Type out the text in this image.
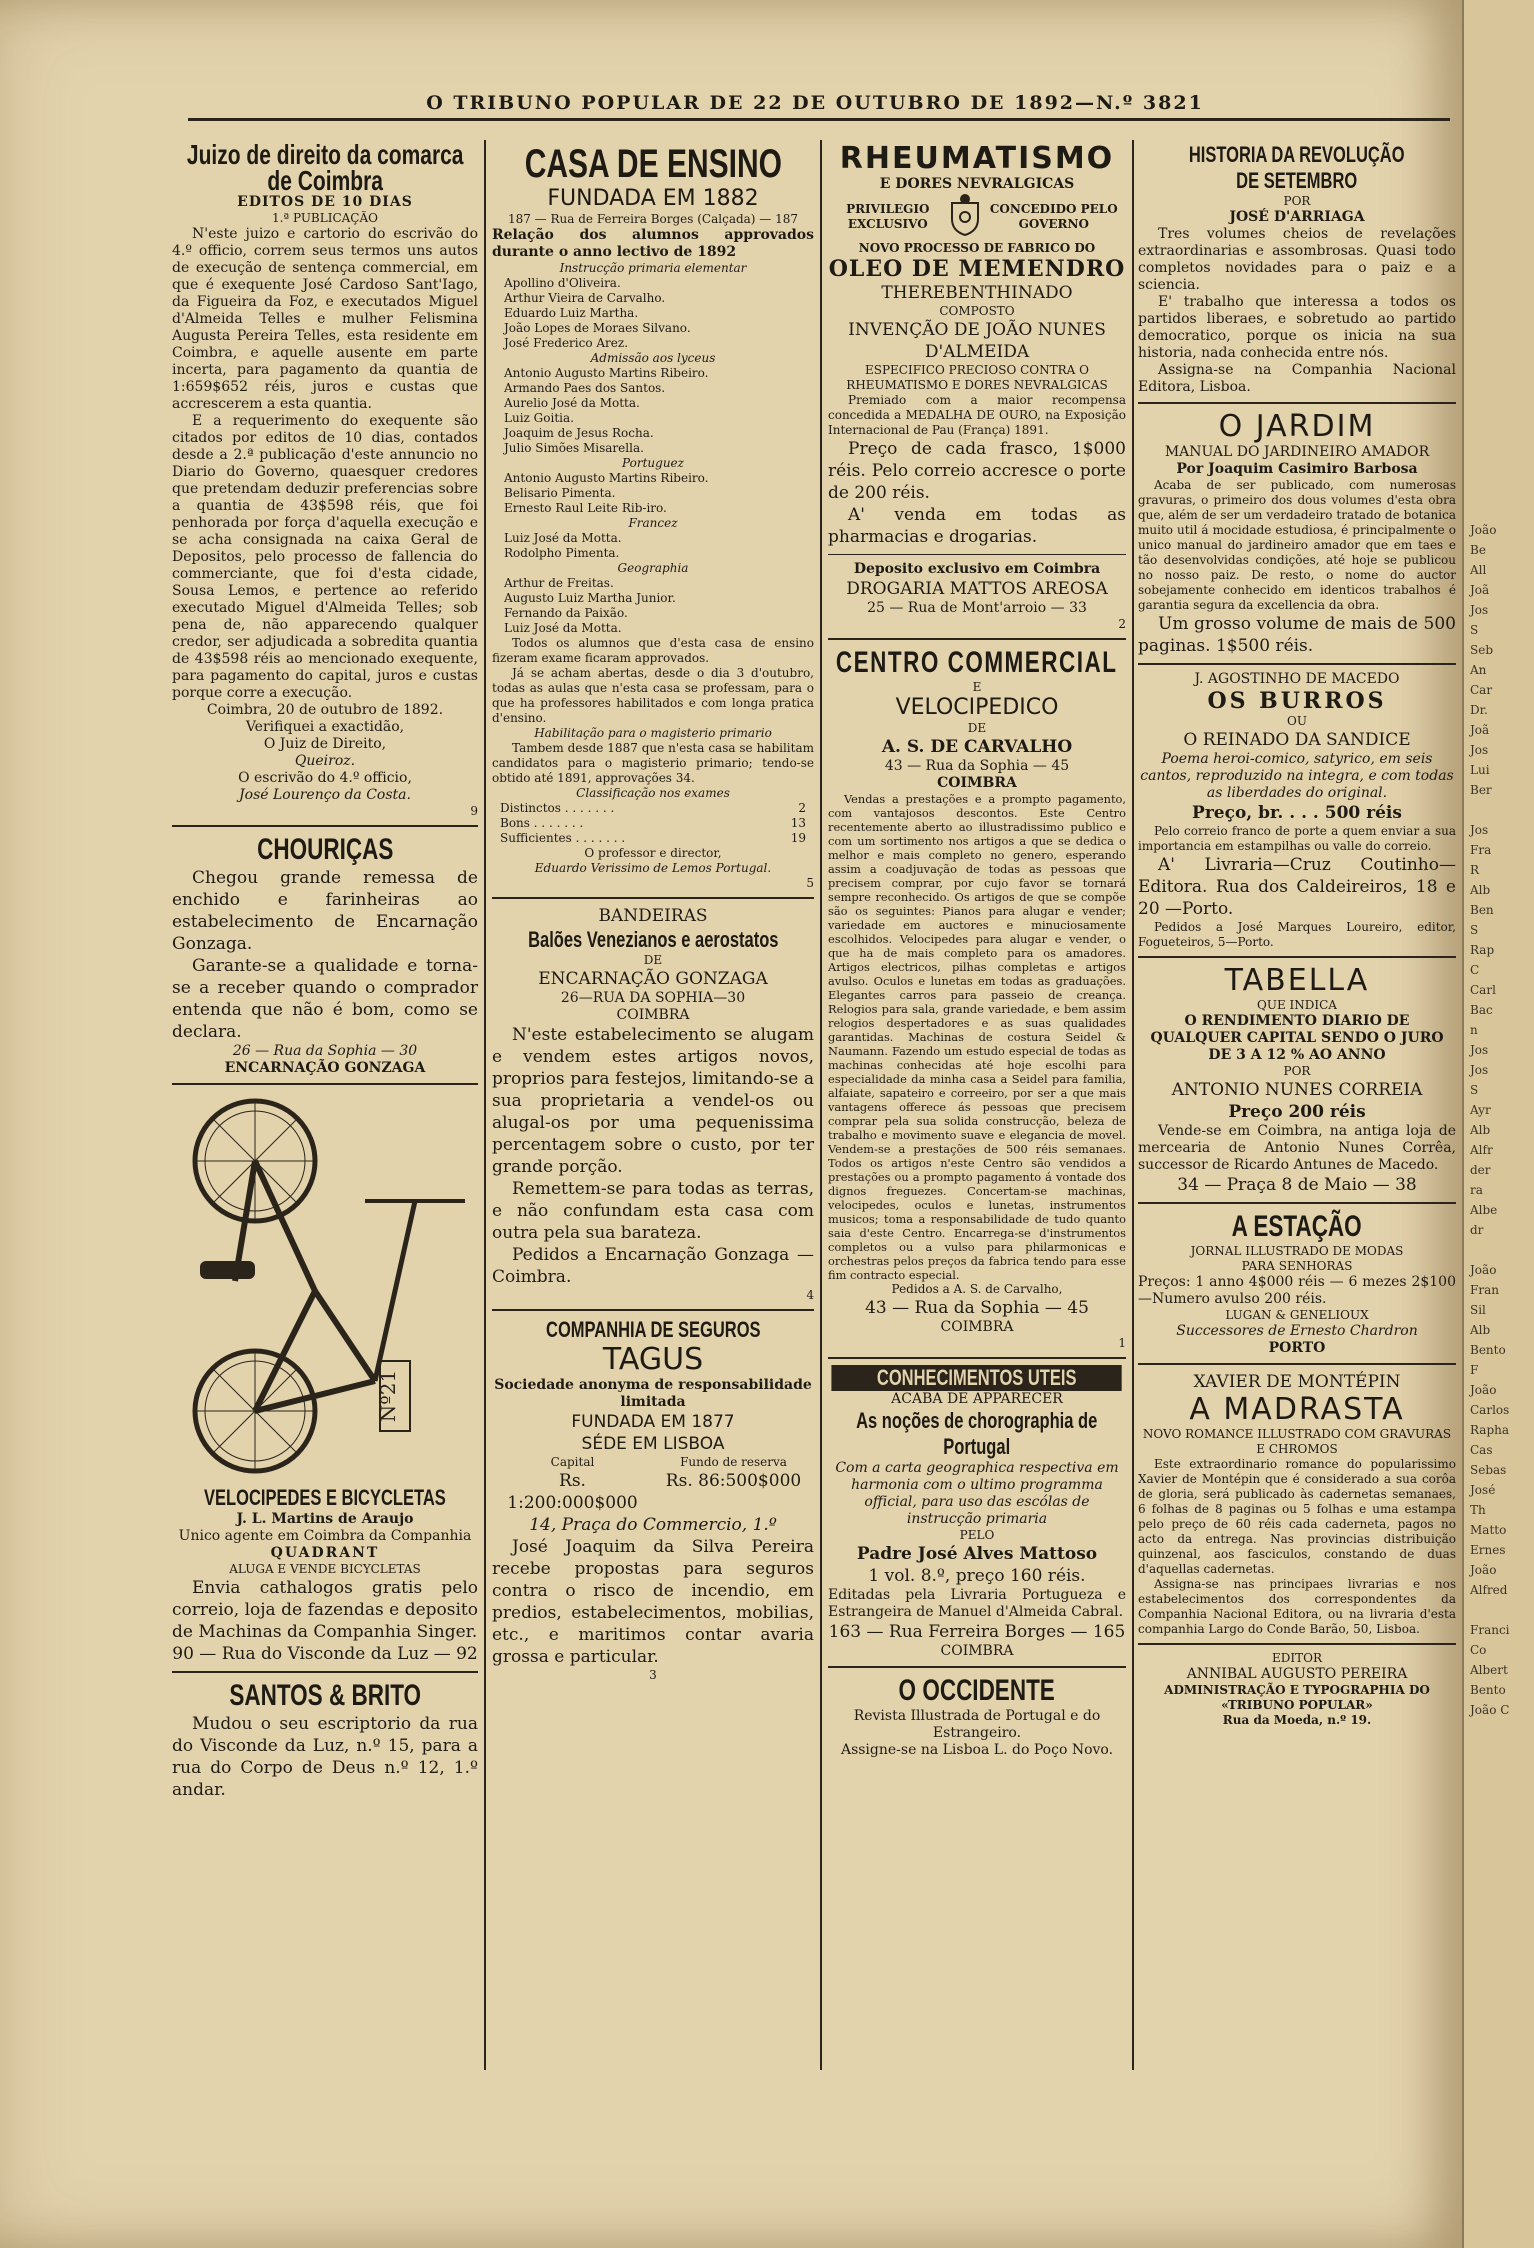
O TRIBUNO POPULAR DE 22 DE OUTUBRO DE 1892—N.º 3821
Juizo de direito da comarca de Coimbra
EDITOS DE 10 DIAS
1.ª PUBLICAÇÃO

N'este juizo e cartorio do escrivão do 4.º officio, correm seus termos uns autos de execução de sentença commercial, em que é exequente José Cardoso Sant'Iago, da Figueira da Foz, e executados Miguel d'Almeida Telles e mulher Felismina Augusta Pereira Telles, esta residente em Coimbra, e aquelle ausente em parte incerta, para pagamento da quantia de 1:659$652 réis, juros e custas que accrescerem a esta quantia.

E a requerimento do exequente são citados por editos de 10 dias, contados desde a 2.ª publicação d'este annuncio no Diario do Governo, quaesquer credores que pretendam deduzir preferencias sobre a quantia de 43$598 réis, que foi penhorada por força d'aquella execução e se acha consignada na caixa Geral de Depositos, pelo processo de fallencia do commerciante, que foi d'esta cidade, Sousa Lemos, e pertence ao referido executado Miguel d'Almeida Telles; sob pena de, não apparecendo qualquer credor, ser adjudicada a sobredita quantia de 43$598 réis ao mencionado exequente, para pagamento do capital, juros e custas porque corre a execução.

Coimbra, 20 de outubro de 1892.
Verifiquei a exactidão,
O Juiz de Direito,
Queiroz.
O escrivão do 4.º officio,
José Lourenço da Costa.
9
CHOURIÇAS

Chegou grande remessa de enchido e farinheiras ao estabelecimento de Encarnação Gonzaga.

Garante-se a qualidade e torna-se a receber quando o comprador entenda que não é bom, como se declara.

26 — Rua da Sophia — 30
ENCARNAÇÃO GONZAGA
Nº21
VELOCIPEDES E BICYCLETAS
J. L. Martins de Araujo
Unico agente em Coimbra da Companhia
QUADRANT
ALUGA E VENDE BICYCLETAS

Envia cathalogos gratis pelo correio, loja de fazendas e deposito de Machinas da Companhia Singer.

90 — Rua do Visconde da Luz — 92
SANTOS & BRITO

Mudou o seu escriptorio da rua do Visconde da Luz, n.º 15, para a rua do Corpo de Deus n.º 12, 1.º andar.

CASA DE ENSINO
FUNDADA EM 1882
187 — Rua de Ferreira Borges (Calçada) — 187
Relação dos alumnos approvados durante o anno lectivo de 1892
Instrucção primaria elementar
Apollino d'Oliveira.
Arthur Vieira de Carvalho.
Eduardo Luiz Martha.
João Lopes de Moraes Silvano.
José Frederico Arez.
Admissão aos lyceus
Antonio Augusto Martins Ribeiro.
Armando Paes dos Santos.
Aurelio José da Motta.
Luiz Goitia.
Joaquim de Jesus Rocha.
Julio Simões Misarella.
Portuguez
Antonio Augusto Martins Ribeiro.
Belisario Pimenta.
Ernesto Raul Leite Rib-iro.
Francez
Luiz José da Motta.
Rodolpho Pimenta.
Geographia
Arthur de Freitas.
Augusto Luiz Martha Junior.
Fernando da Paixão.
Luiz José da Motta.

Todos os alumnos que d'esta casa de ensino fizeram exame ficaram approvados.

Já se acham abertas, desde o dia 3 d'outubro, todas as aulas que n'esta casa se professam, para o que ha professores habilitados e com longa pratica d'ensino.

Habilitação para o magisterio primario

Tambem desde 1887 que n'esta casa se habilitam candidatos para o magisterio primario; tendo-se obtido até 1891, approvações 34.

Classificação nos exames
Distinctos . . . . . . .	2
Bons . . . . . . .	13
Sufficientes . . . . . . .	19
O professor e director,
Eduardo Verissimo de Lemos Portugal.
5
BANDEIRAS
Balões Venezianos e aerostatos
DE
ENCARNAÇÃO GONZAGA
26—RUA DA SOPHIA—30
COIMBRA

N'este estabelecimento se alugam e vendem estes artigos novos, proprios para festejos, limitando-se a sua proprietaria a vendel-os ou alugal-os por uma pequenissima percentagem sobre o custo, por ter grande porção.

Remettem-se para todas as terras, e não confundam esta casa com outra pela sua barateza.

Pedidos a Encarnação Gonzaga — Coimbra.

4
COMPANHIA DE SEGUROS
TAGUS
Sociedade anonyma de responsabilidade limitada
FUNDADA EM 1877
SÉDE EM LISBOA
Capital
Rs. 1:200:000$000
Fundo de reserva
Rs. 86:500$000
14, Praça do Commercio, 1.º

José Joaquim da Silva Pereira recebe propostas para seguros contra o risco de incendio, em predios, estabelecimentos, mobilias, etc., e maritimos contar avaria grossa e particular.

3
RHEUMATISMO
E DORES NEVRALGICAS
PRIVILEGIO EXCLUSIVO
CONCEDIDO PELO GOVERNO
NOVO PROCESSO DE FABRICO DO
OLEO DE MEMENDRO
THEREBENTHINADO
COMPOSTO
INVENÇÃO DE JOÃO NUNES D'ALMEIDA
ESPECIFICO PRECIOSO CONTRA O RHEUMATISMO E DORES NEVRALGICAS

Premiado com a maior recompensa concedida a MEDALHA DE OURO, na Exposição Internacional de Pau (França) 1891.

Preço de cada frasco, 1$000 réis. Pelo correio accresce o porte de 200 réis.

A' venda em todas as pharmacias e drogarias.

Deposito exclusivo em Coimbra
DROGARIA MATTOS AREOSA
25 — Rua de Mont'arroio — 33
2
CENTRO COMMERCIAL
E
VELOCIPEDICO
DE
A. S. DE CARVALHO
43 — Rua da Sophia — 45
COIMBRA

Vendas a prestações e a prompto pagamento, com vantajosos descontos. Este Centro recentemente aberto ao illustradissimo publico e com um sortimento nos artigos a que se dedica o melhor e mais completo no genero, esperando assim a coadjuvação de todas as pessoas que precisem comprar, por cujo favor se tornará sempre reconhecido. Os artigos de que se compõe são os seguintes: Pianos para alugar e vender; variedade em auctores e minuciosamente escolhidos. Velocipedes para alugar e vender, o que ha de mais completo para os amadores. Artigos electricos, pilhas completas e artigos avulso. Oculos e lunetas em todas as graduações. Elegantes carros para passeio de creança. Relogios para sala, grande variedade, e bem assim relogios despertadores e as suas qualidades garantidas. Machinas de costura Seidel & Naumann. Fazendo um estudo especial de todas as machinas conhecidas até hoje escolhi para especialidade da minha casa a Seidel para familia, alfaiate, sapateiro e correeiro, por ser a que mais vantagens offerece ás pessoas que precisem comprar pela sua solida construcção, beleza de trabalho e movimento suave e elegancia de movel. Vendem-se a prestações de 500 réis semanaes. Todos os artigos n'este Centro são vendidos a prestações ou a prompto pagamento á vontade dos dignos freguezes. Concertam-se machinas, velocipedes, oculos e lunetas, instrumentos musicos; toma a responsabilidade de tudo quanto saia d'este Centro. Encarrega-se d'instrumentos completos ou a vulso para philarmonicas e orchestras pelos preços da fabrica tendo para esse fim contracto especial.

Pedidos a A. S. de Carvalho,
43 — Rua da Sophia — 45
COIMBRA
1
CONHECIMENTOS UTEIS
ACABA DE APPARECER
As noções de chorographia de Portugal

Com a carta geographica respectiva em harmonia com o ultimo programma official, para uso das escólas de instrucção primaria

PELO
Padre José Alves Mattoso
1 vol. 8.º, preço 160 réis.

Editadas pela Livraria Portugueza e Estrangeira de Manuel d'Almeida Cabral.

163 — Rua Ferreira Borges — 165
COIMBRA
O OCCIDENTE
Revista Illustrada de Portugal e do Estrangeiro.
Assigne-se na Lisboa L. do Poço Novo.
HISTORIA DA REVOLUÇÃO DE SETEMBRO
POR
JOSÉ D'ARRIAGA

Tres volumes cheios de revelações extraordinarias e assombrosas. Quasi todo completos novidades para o paiz e a sciencia.

E' trabalho que interessa a todos os partidos liberaes, e sobretudo ao partido democratico, porque os inicia na sua historia, nada conhecida entre nós.

Assigna-se na Companhia Nacional Editora, Lisboa.

O JARDIM
MANUAL DO JARDINEIRO AMADOR
Por Joaquim Casimiro Barbosa

Acaba de ser publicado, com numerosas gravuras, o primeiro dos dous volumes d'esta obra que, além de ser um verdadeiro tratado de botanica muito util á mocidade estudiosa, é principalmente o unico manual do jardineiro amador que em taes e tão desenvolvidas condições, até hoje se publicou no nosso paiz. De resto, o nome do auctor sobejamente conhecido em identicos trabalhos é garantia segura da excellencia da obra.

Um grosso volume de mais de 500 paginas. 1$500 réis.

J. AGOSTINHO DE MACEDO
OS BURROS
OU
O REINADO DA SANDICE

Poema heroi-comico, satyrico, em seis cantos, reproduzido na integra, e com todas as liberdades do original.

Preço, br. . . . 500 réis

Pelo correio franco de porte a quem enviar a sua importancia em estampilhas ou valle do correio.

A' Livraria—Cruz Coutinho—Editora. Rua dos Caldeireiros, 18 e 20 —Porto.

Pedidos a José Marques Loureiro, editor, Fogueteiros, 5—Porto.

TABELLA
QUE INDICA
O RENDIMENTO DIARIO DE QUALQUER CAPITAL SENDO O JURO DE 3 A 12 % AO ANNO
POR
ANTONIO NUNES CORREIA
Preço 200 réis

Vende-se em Coimbra, na antiga loja de mercearia de Antonio Nunes Corrêa, successor de Ricardo Antunes de Macedo.

34 — Praça 8 de Maio — 38
A ESTAÇÃO
JORNAL ILLUSTRADO DE MODAS
PARA SENHORAS

Preços: 1 anno 4$000 réis — 6 mezes 2$100—Numero avulso 200 réis.

LUGAN & GENELIOUX
Successores de Ernesto Chardron
PORTO
XAVIER DE MONTÉPIN
A MADRASTA
NOVO ROMANCE ILLUSTRADO COM GRAVURAS E CHROMOS

Este extraordinario romance do popularissimo Xavier de Montépin que é considerado a sua corôa de gloria, será publicado às cadernetas semanaes, 6 folhas de 8 paginas ou 5 folhas e uma estampa pelo preço de 60 réis cada caderneta, pagos no acto da entrega. Nas provincias distribuição quinzenal, aos fasciculos, constando de duas d'aquellas cadernetas.

Assigna-se nas principaes livrarias e nos estabelecimentos dos correspondentes da Companhia Nacional Editora, ou na livraria d'esta companhia Largo do Conde Barão, 50, Lisboa.

EDITOR
ANNIBAL AUGUSTO PEREIRA
ADMINISTRAÇÃO E TYPOGRAPHIA DO «TRIBUNO POPULAR»
Rua da Moeda, n.º 19.
João
Be
All
Joã
Jos
S
Seb
An
Car
Dr.
Joã
Jos
Lui
Ber

Jos
Fra
R
Alb
Ben
S
Rap
C
Carl
Bac
n
Jos
Jos
S
Ayr
Alb
Alfr
der
ra
Albe
dr

João
Fran
Sil
Alb
Bento
F
João
Carlos
Rapha
Cas
Sebas
José
Th
Matto
Ernes
João
Alfred

Franci
Co
Albert
Bento
João C
